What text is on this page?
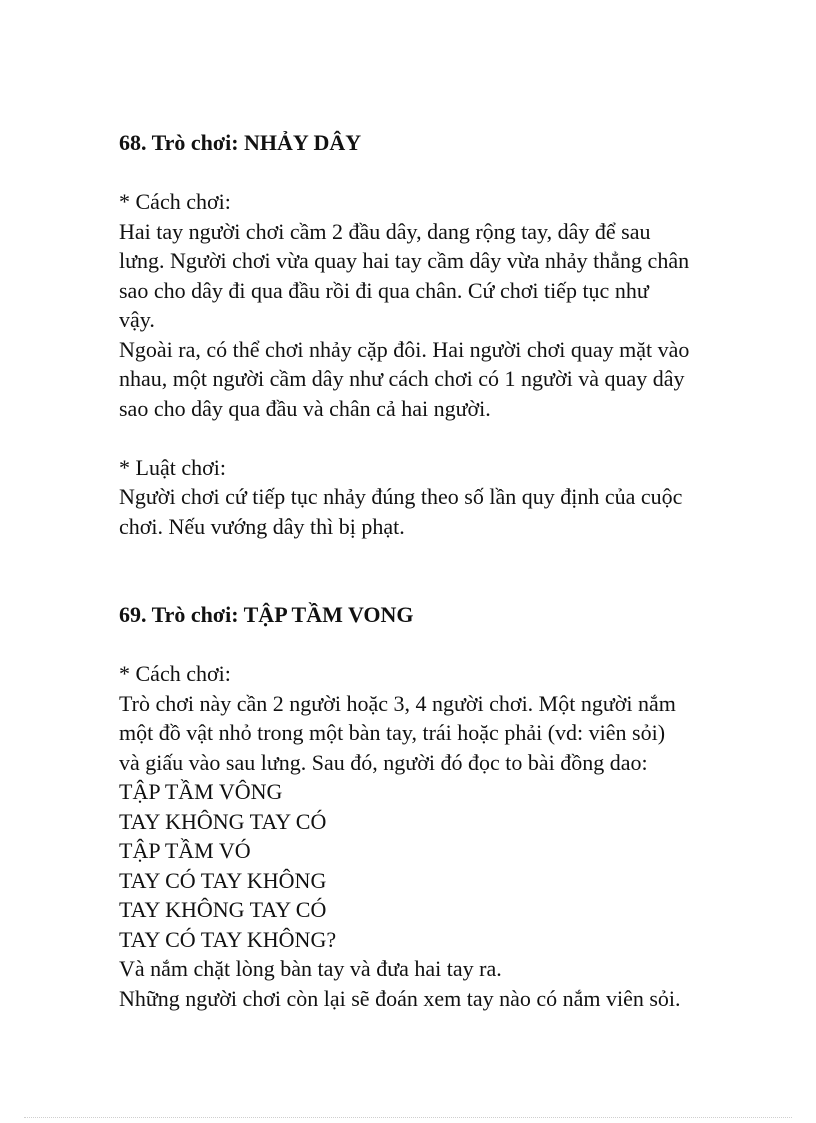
68. Trò chơi: NHẢY DÂY

* Cách chơi:

Hai tay người chơi cầm 2 đầu dây, dang rộng tay, dây để sau

lưng. Người chơi vừa quay hai tay cầm dây vừa nhảy thẳng chân

sao cho dây đi qua đầu rồi đi qua chân. Cứ chơi tiếp tục như

vậy.

Ngoài ra, có thể chơi nhảy cặp đôi. Hai người chơi quay mặt vào

nhau, một người cầm dây như cách chơi có 1 người và quay dây

sao cho dây qua đầu và chân cả hai người.

* Luật chơi:

Người chơi cứ tiếp tục nhảy đúng theo số lần quy định của cuộc

chơi. Nếu vướng dây thì bị phạt.

69. Trò chơi: TẬP TẦM VONG

* Cách chơi:

Trò chơi này cần 2 người hoặc 3, 4 người chơi. Một người nắm

một đồ vật nhỏ trong một bàn tay, trái hoặc phải (vd: viên sỏi)

và giấu vào sau lưng. Sau đó, người đó đọc to bài đồng dao:

TẬP TẦM VÔNG

TAY KHÔNG TAY CÓ

TẬP TẦM VÓ

TAY CÓ TAY KHÔNG

TAY KHÔNG TAY CÓ

TAY CÓ TAY KHÔNG?

Và nắm chặt lòng bàn tay và đưa hai tay ra.

Những người chơi còn lại sẽ đoán xem tay nào có nắm viên sỏi.
